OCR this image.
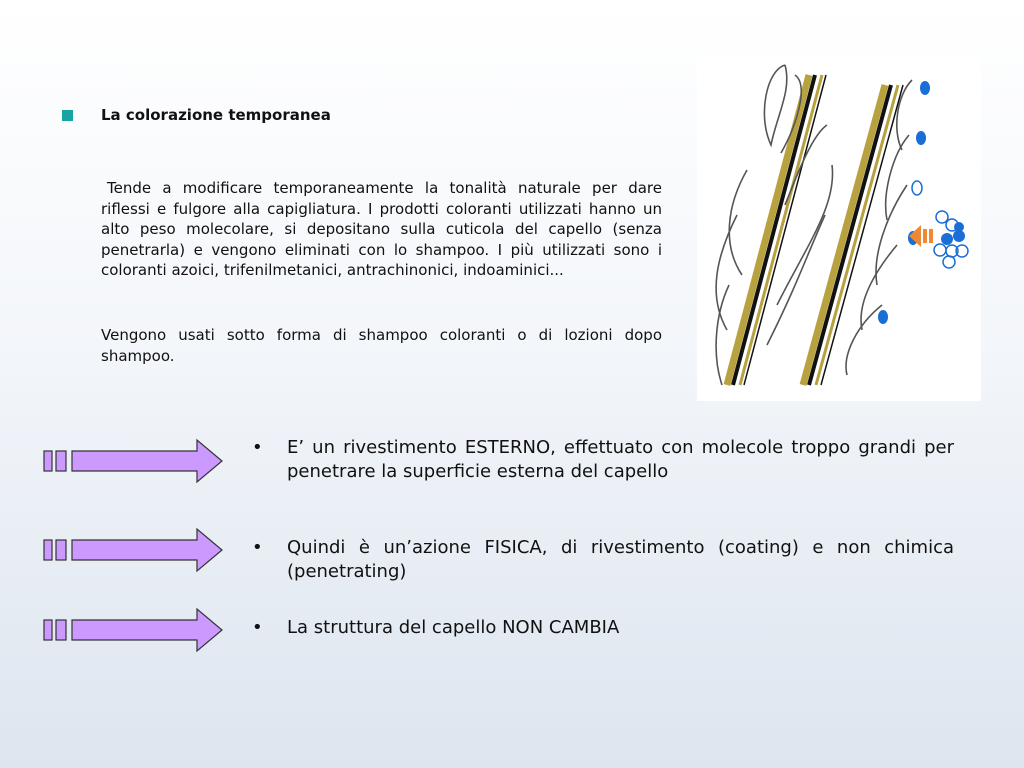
La colorazione temporanea

Tende a modificare temporaneamente la tonalità naturale per dare riflessi e fulgore alla capigliatura. I prodotti coloranti utilizzati hanno un alto peso molecolare, si depositano sulla cuticola del capello (senza penetrarla) e vengono eliminati con lo shampoo. I più utilizzati sono i coloranti azoici, trifenilmetanici, antrachinonici, indoaminici...

Vengono usati sotto forma di shampoo coloranti o di lozioni dopo shampoo.

• E’ un rivestimento ESTERNO, effettuato con molecole troppo grandi per penetrare la superficie esterna del capello

• Quindi è un’azione FISICA, di rivestimento (coating) e non chimica (penetrating)

• La struttura del capello NON CAMBIA
